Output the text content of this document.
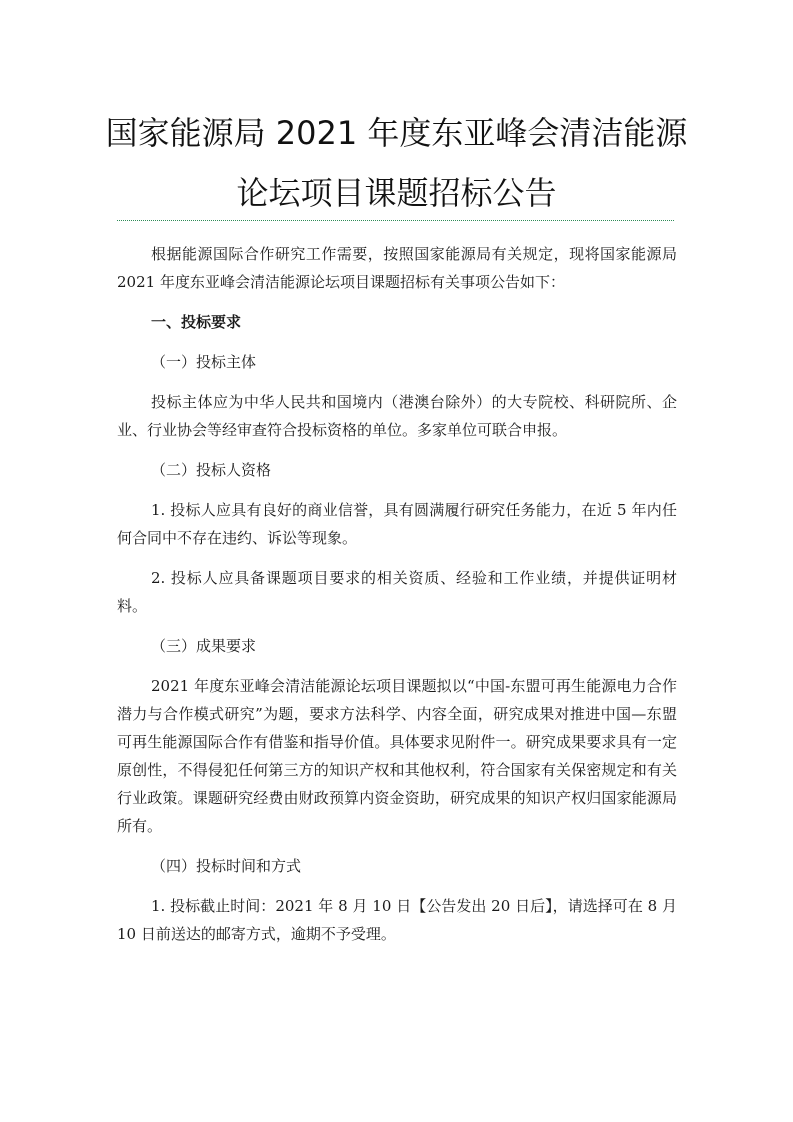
国家能源局 2021 年度东亚峰会清洁能源
论坛项目课题招标公告

根据能源国际合作研究工作需要，按照国家能源局有关规定，现将国家能源局 2021 年度东亚峰会清洁能源论坛项目课题招标有关事项公告如下：

一、投标要求

（一）投标主体

投标主体应为中华人民共和国境内（港澳台除外）的大专院校、科研院所、企业、行业协会等经审查符合投标资格的单位。多家单位可联合申报。

（二）投标人资格

1. 投标人应具有良好的商业信誉，具有圆满履行研究任务能力，在近 5 年内任何合同中不存在违约、诉讼等现象。

2. 投标人应具备课题项目要求的相关资质、经验和工作业绩，并提供证明材料。

（三）成果要求

2021 年度东亚峰会清洁能源论坛项目课题拟以“中国-东盟可再生能源电力合作潜力与合作模式研究”为题，要求方法科学、内容全面，研究成果对推进中国—东盟可再生能源国际合作有借鉴和指导价值。具体要求见附件一。研究成果要求具有一定原创性，不得侵犯任何第三方的知识产权和其他权利，符合国家有关保密规定和有关行业政策。课题研究经费由财政预算内资金资助，研究成果的知识产权归国家能源局所有。

（四）投标时间和方式

1. 投标截止时间：2021 年 8 月 10 日【公告发出 20 日后】，请选择可在 8 月 10 日前送达的邮寄方式，逾期不予受理。
